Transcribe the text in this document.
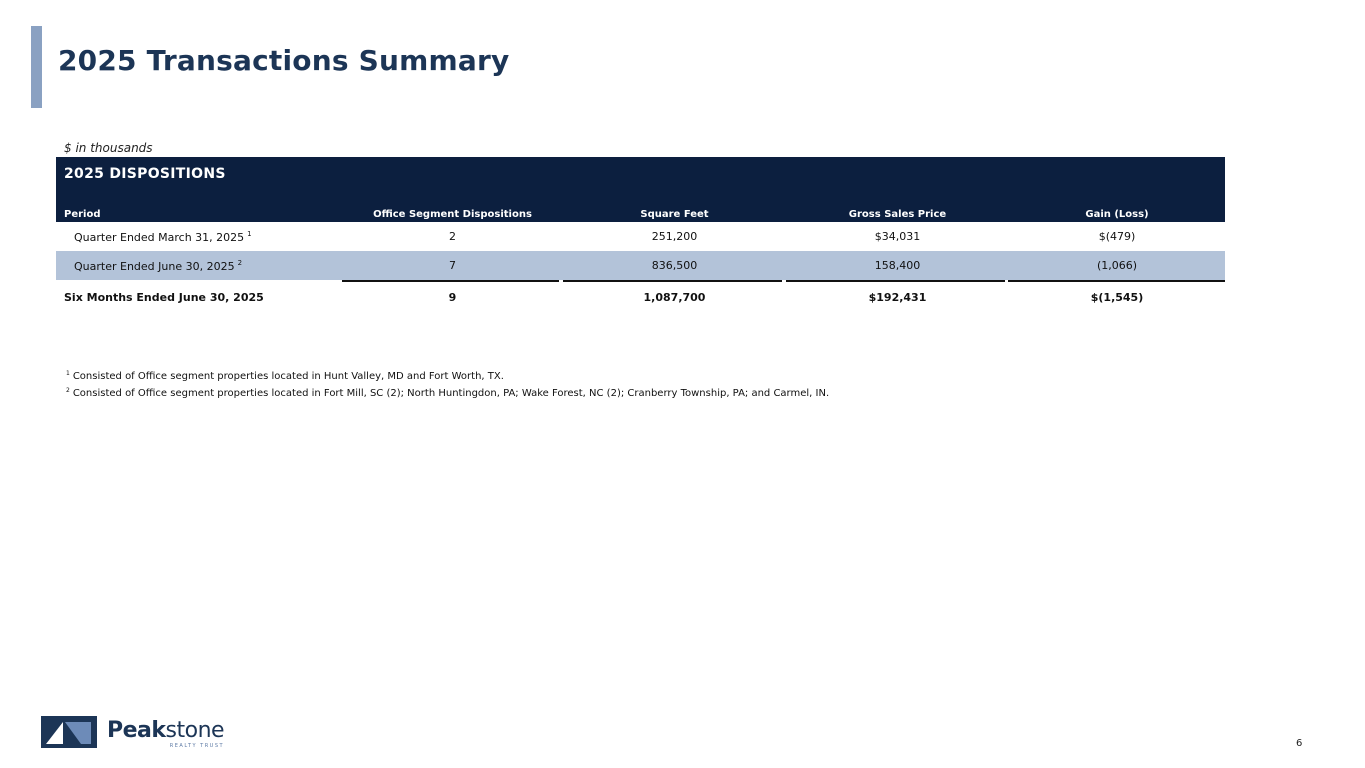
2025 Transactions Summary
$ in thousands
2025 DISPOSITIONS
Period	Office Segment Dispositions	Square Feet	Gross Sales Price	Gain (Loss)
Quarter Ended March 31, 2025 $^1$	2	251,200	$34,031	$(479)
Quarter Ended June 30, 2025 $^2$	7	836,500	158,400	(1,066)
Six Months Ended June 30, 2025	9	1,087,700	$192,431	$(1,545)
$^1$ Consisted of Office segment properties located in Hunt Valley, MD and Fort Worth, TX.
$^2$ Consisted of Office segment properties located in Fort Mill, SC (2); North Huntingdon, PA; Wake Forest, NC (2); Cranberry Township, PA; and Carmel, IN.
Peakstone
REALTY TRUST	6
